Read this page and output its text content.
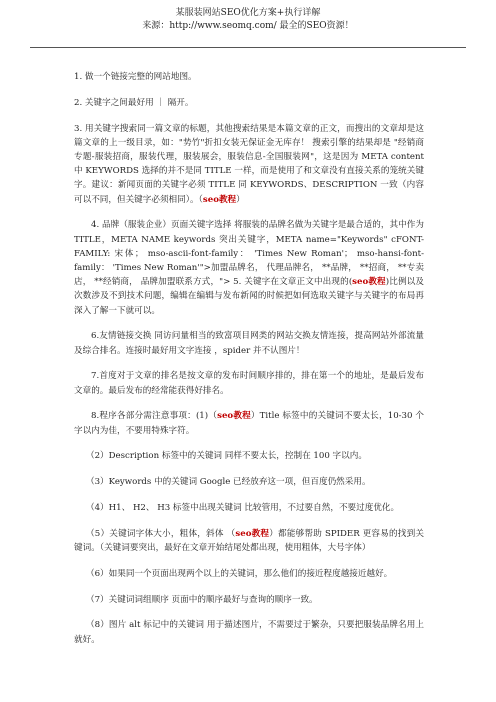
某服装网站SEO优化方案+执行详解
来源：http://www.seomq.com/ 最全的SEO资源！

1. 做一个链接完整的网站地图。

2. 关键字之间最好用 ｜ 隔开。

3. 用关键字搜索同一篇文章的标题，其他搜索结果是本篇文章的正文，而搜出的文章却是这篇文章的上一级目录，如："势竹"折扣女装无保证金无库存！ 搜索引擎的结果却是 "经销商专题-服装招商，服装代理，服装展会，服装信息-全国服装网"，这是因为 META content 中 KEYWORDS 选择的并不是同 TITLE 一样，而是使用了和文章没有直接关系的笼统关键字。建议：新闻页面的关键字必须 TITLE 同 KEYWORDS、DESCRIPTION 一致（内容可以不同，但关键字必须相同）。（seo教程）

4. 品牌（服装企业）页面关键字选择 将服装的品牌名做为关键字是最合适的，其中作为 TITLE，META NAME keywords 突出关键字，META name="Keywords" cFONT-FAMILY: 宋体； mso-ascii-font-family： 'Times New Roman'； mso-hansi-font-family： 'Times New Roman'">加盟品牌名， 代理品牌名， **品牌， **招商， **专卖店， **经销商， 品牌加盟联系方式，"> 5. 关键字在文章正文中出现的(seo教程)比例以及次数涉及不到技术问题，编辑在编辑与发布新闻的时候把如何选取关键字与关键字的布局再深入了解一下就可以。

6.友情链接交换 同访问量相当的致富项目网类的网站交换友情连接，提高网站外部流量及综合排名。连接时最好用文字连接 ，spider 并不认图片！

7.首度对于文章的排名是按文章的发布时间顺序排的，排在第一个的地址，是最后发布文章的。最后发布的经常能获得好排名。

8.程序各部分需注意事项：(1)（seo教程）Title 标签中的关键词不要太长，10-30 个字以内为佳，不要用特殊字符。

（2）Description 标签中的关键词 同样不要太长，控制在 100 字以内。

（3）Keywords 中的关键词 Google 已经放弃这一项，但百度仍然采用。

（4）H1、 H2、 H3 标签中出现关键词 比较管用，不过要自然，不要过度优化。

（5）关键词字体大小，粗体，斜体 （seo教程）都能够帮助 SPIDER 更容易的找到关键词。（关键词要突出，最好在文章开始结尾处都出现，使用粗体，大号字体）

（6）如果同一个页面出现两个以上的关键词，那么他们的接近程度越接近越好。

（7）关键词词组顺序 页面中的顺序最好与查询的顺序一致。

（8）图片 alt 标记中的关键词 用于描述图片，不需要过于繁杂，只要把服装品牌名用上就好。
